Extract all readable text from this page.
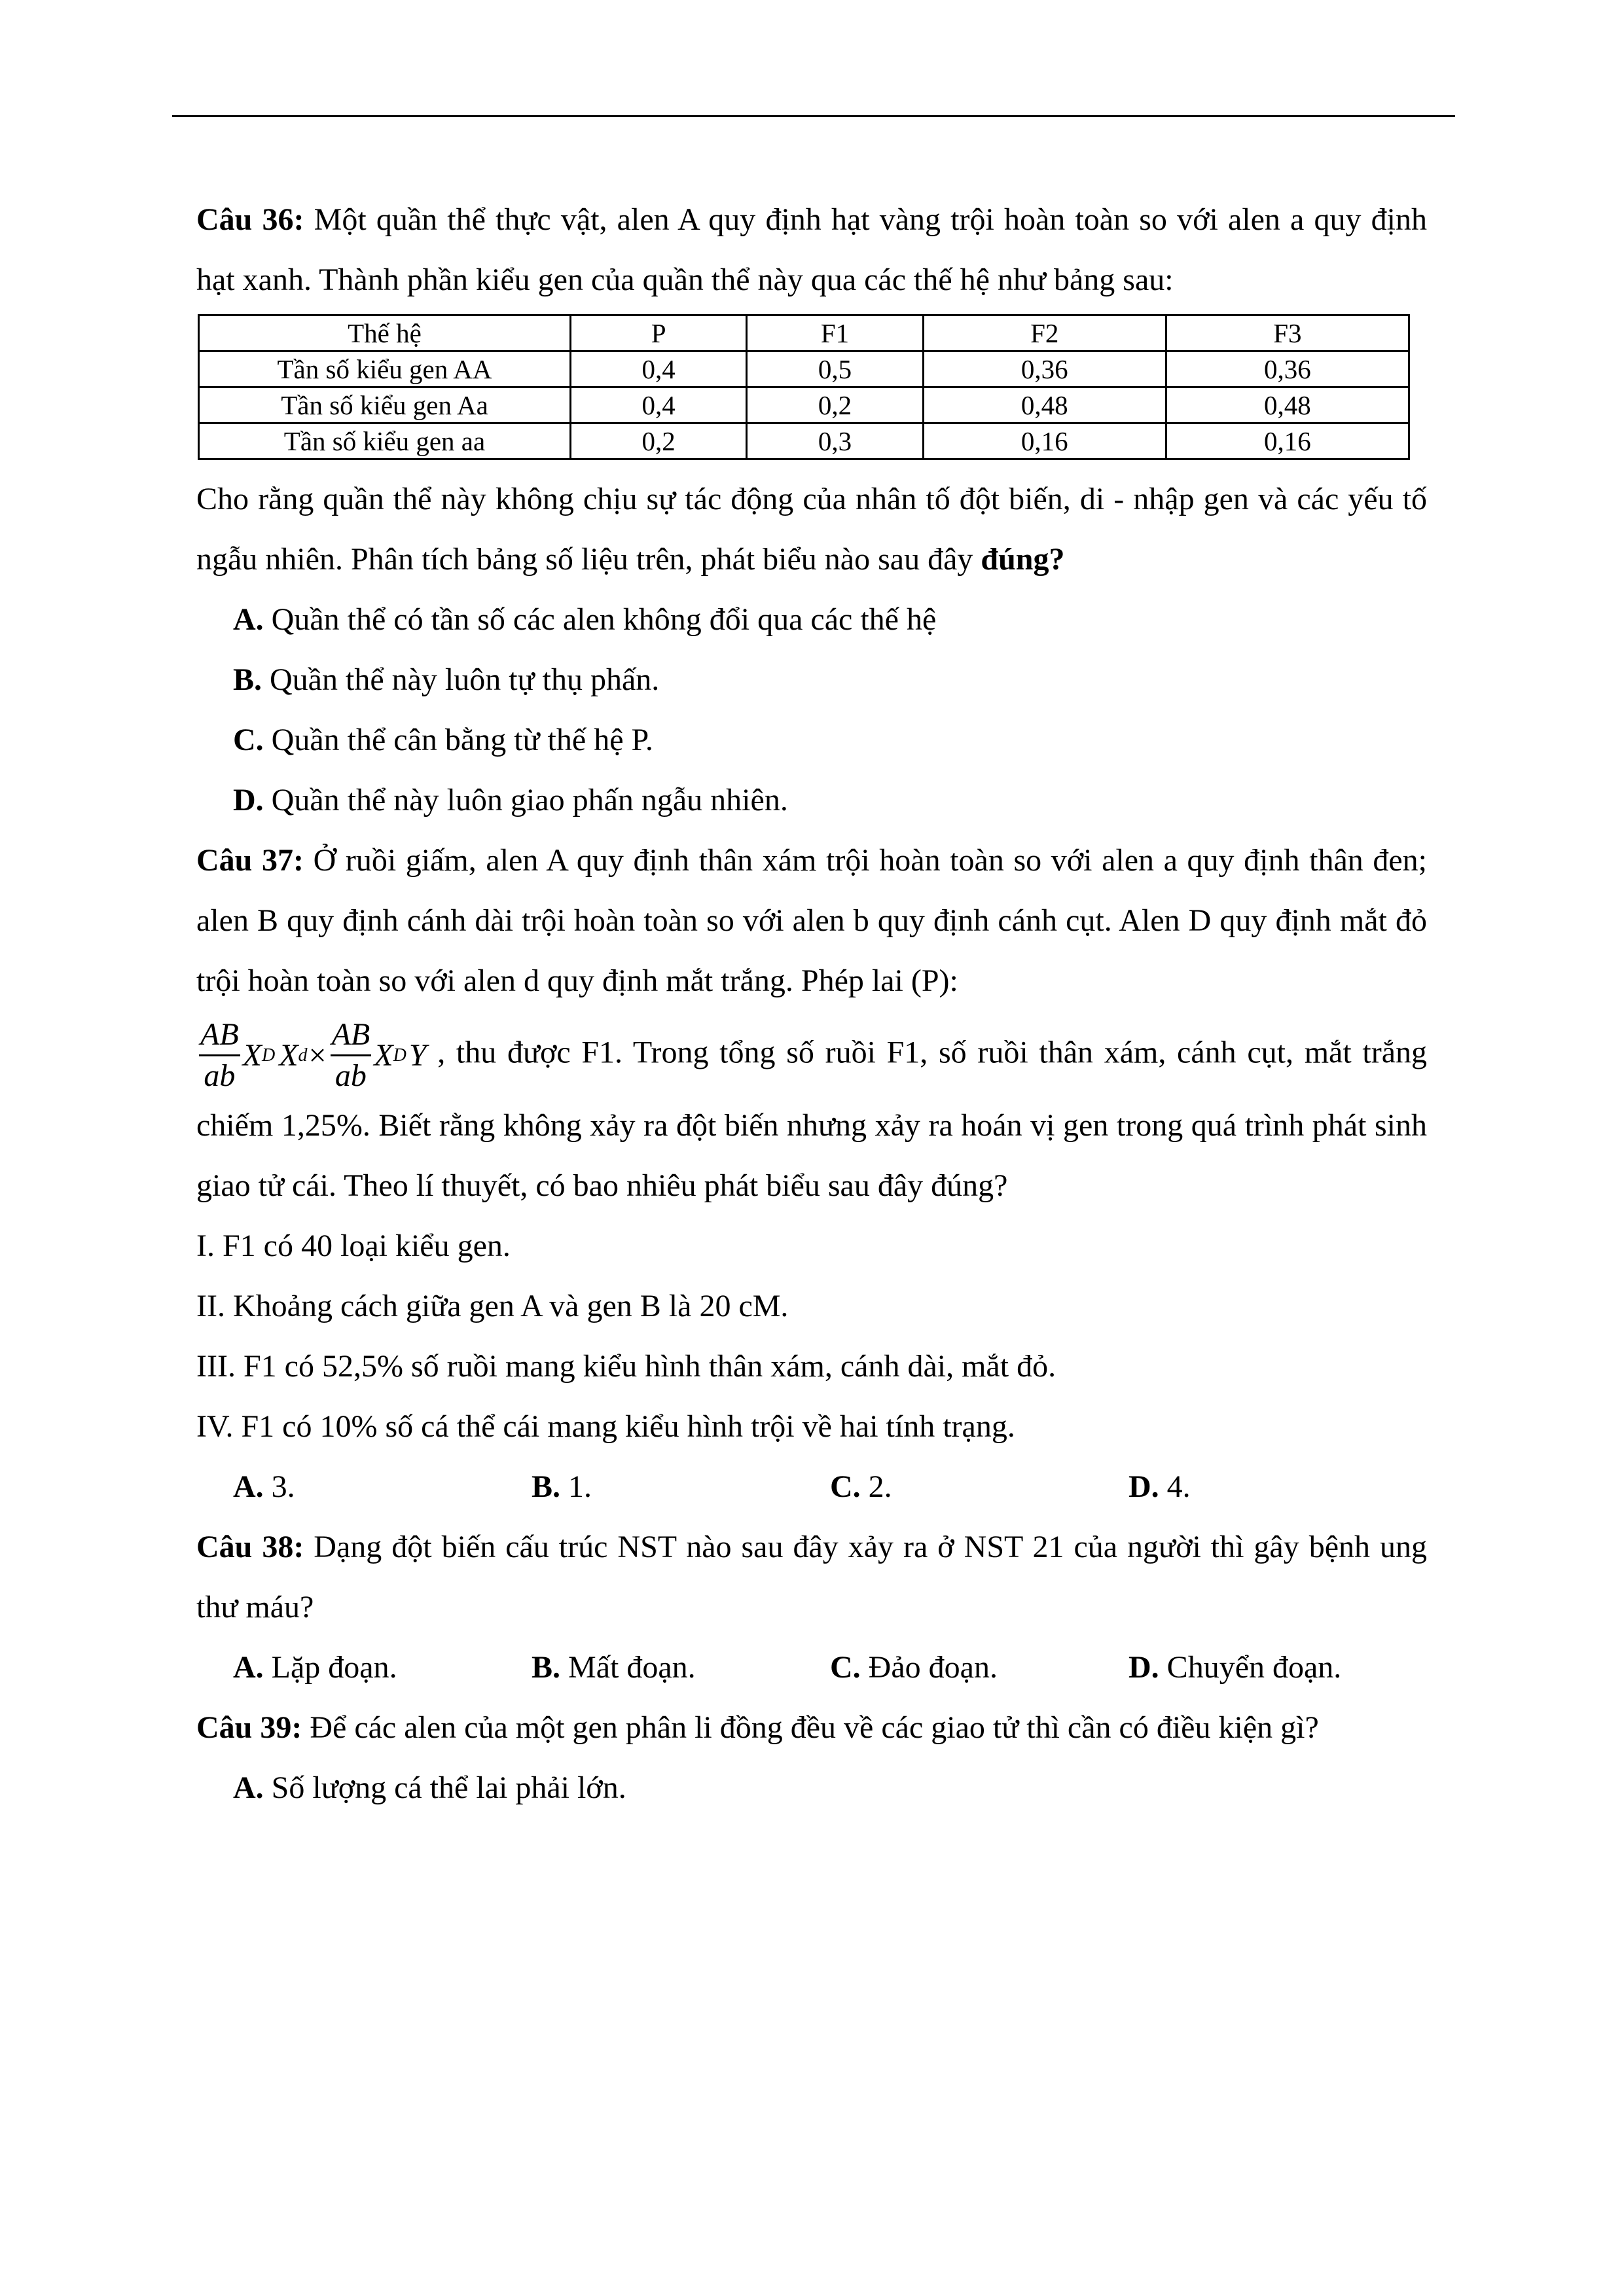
Câu 36: Một quần thể thực vật, alen A quy định hạt vàng trội hoàn toàn so với alen a quy định hạt xanh. Thành phần kiểu gen của quần thể này qua các thế hệ như bảng sau:

Thế hệ	P	F1	F2	F3
Tần số kiểu gen AA	0,4	0,5	0,36	0,36
Tần số kiểu gen Aa	0,4	0,2	0,48	0,48
Tần số kiểu gen aa	0,2	0,3	0,16	0,16

Cho rằng quần thể này không chịu sự tác động của nhân tố đột biến, di - nhập gen và các yếu tố ngẫu nhiên. Phân tích bảng số liệu trên, phát biểu nào sau đây đúng?

A. Quần thể có tần số các alen không đổi qua các thế hệ

B. Quần thể này luôn tự thụ phấn.

C. Quần thể cân bằng từ thế hệ P.

D. Quần thể này luôn giao phấn ngẫu nhiên.

Câu 37: Ở ruồi giấm, alen A quy định thân xám trội hoàn toàn so với alen a quy định thân đen; alen B quy định cánh dài trội hoàn toàn so với alen b quy định cánh cụt. Alen D quy định mắt đỏ trội hoàn toàn so với alen d quy định mắt trắng. Phép lai (P):

$\frac{AB}{ab}$ X D X $d \times \frac{AB}{ab}$ X D Y , thu được F1. Trong tổng số ruồi F1, số ruồi thân xám, cánh cụt, mắt trắng chiếm 1,25%. Biết rằng không xảy ra đột biến nhưng xảy ra hoán vị gen trong quá trình phát sinh giao tử cái. Theo lí thuyết, có bao nhiêu phát biểu sau đây đúng?

I. F1 có 40 loại kiểu gen.

II. Khoảng cách giữa gen A và gen B là 20 cM.

III. F1 có 52,5% số ruồi mang kiểu hình thân xám, cánh dài, mắt đỏ.

IV. F1 có 10% số cá thể cái mang kiểu hình trội về hai tính trạng.

A. 3.	B. 1.	C. 2.	D. 4.

Câu 38: Dạng đột biến cấu trúc NST nào sau đây xảy ra ở NST 21 của người thì gây bệnh ung thư máu?

A. Lặp đoạn.	B. Mất đoạn.	C. Đảo đoạn.	D. Chuyển đoạn.

Câu 39: Để các alen của một gen phân li đồng đều về các giao tử thì cần có điều kiện gì?

A. Số lượng cá thể lai phải lớn.
